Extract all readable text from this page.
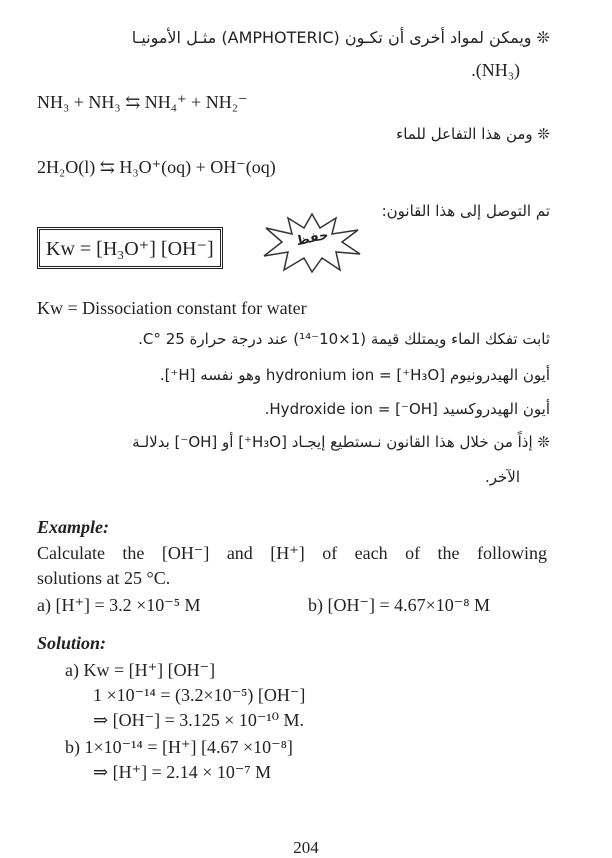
❊ ويمكن لمواد أخرى أن تكـون (AMPHOTERIC) مثـل الأمونيـا
.(NH₃)
NH₃ + NH₃ ⇆ NH₄⁺ + NH₂⁻
❊ ومن هذا التفاعل للماء
2H₂O(l) ⇆ H₃O⁺(oq) + OH⁻(oq)
تم التوصل إلى هذا القانون:
Kw = [H₃O⁺] [OH⁻]	حفظ
Kw = Dissociation constant for water
ثابت تفكك الماء ويمتلك قيمة (1×10⁻¹⁴) عند درجة حرارة 25 °C.
أيون الهيدرونيوم [H₃O⁺] = hydronium ion وهو نفسه [H⁺].
أيون الهيدروكسيد [OH⁻] = Hydroxide ion.
❊ إذاً من خلال هذا القانون نـستطيع إيجـاد [H₃O⁺] أو [OH⁻] بدلالـة
الآخر.
Example:
Calculate the [OH⁻] and [H⁺] of each of the following
solutions at 25 °C.
a) [H⁺] = 3.2 ×10⁻⁵ M	b) [OH⁻] = 4.67×10⁻⁸ M
Solution:
a) Kw = [H⁺] [OH⁻]
1 ×10⁻¹⁴ = (3.2×10⁻⁵) [OH⁻]
⇒ [OH⁻] = 3.125 × 10⁻¹⁰ M.
b) 1×10⁻¹⁴ = [H⁺] [4.67 ×10⁻⁸]
⇒ [H⁺] = 2.14 × 10⁻⁷ M
204
